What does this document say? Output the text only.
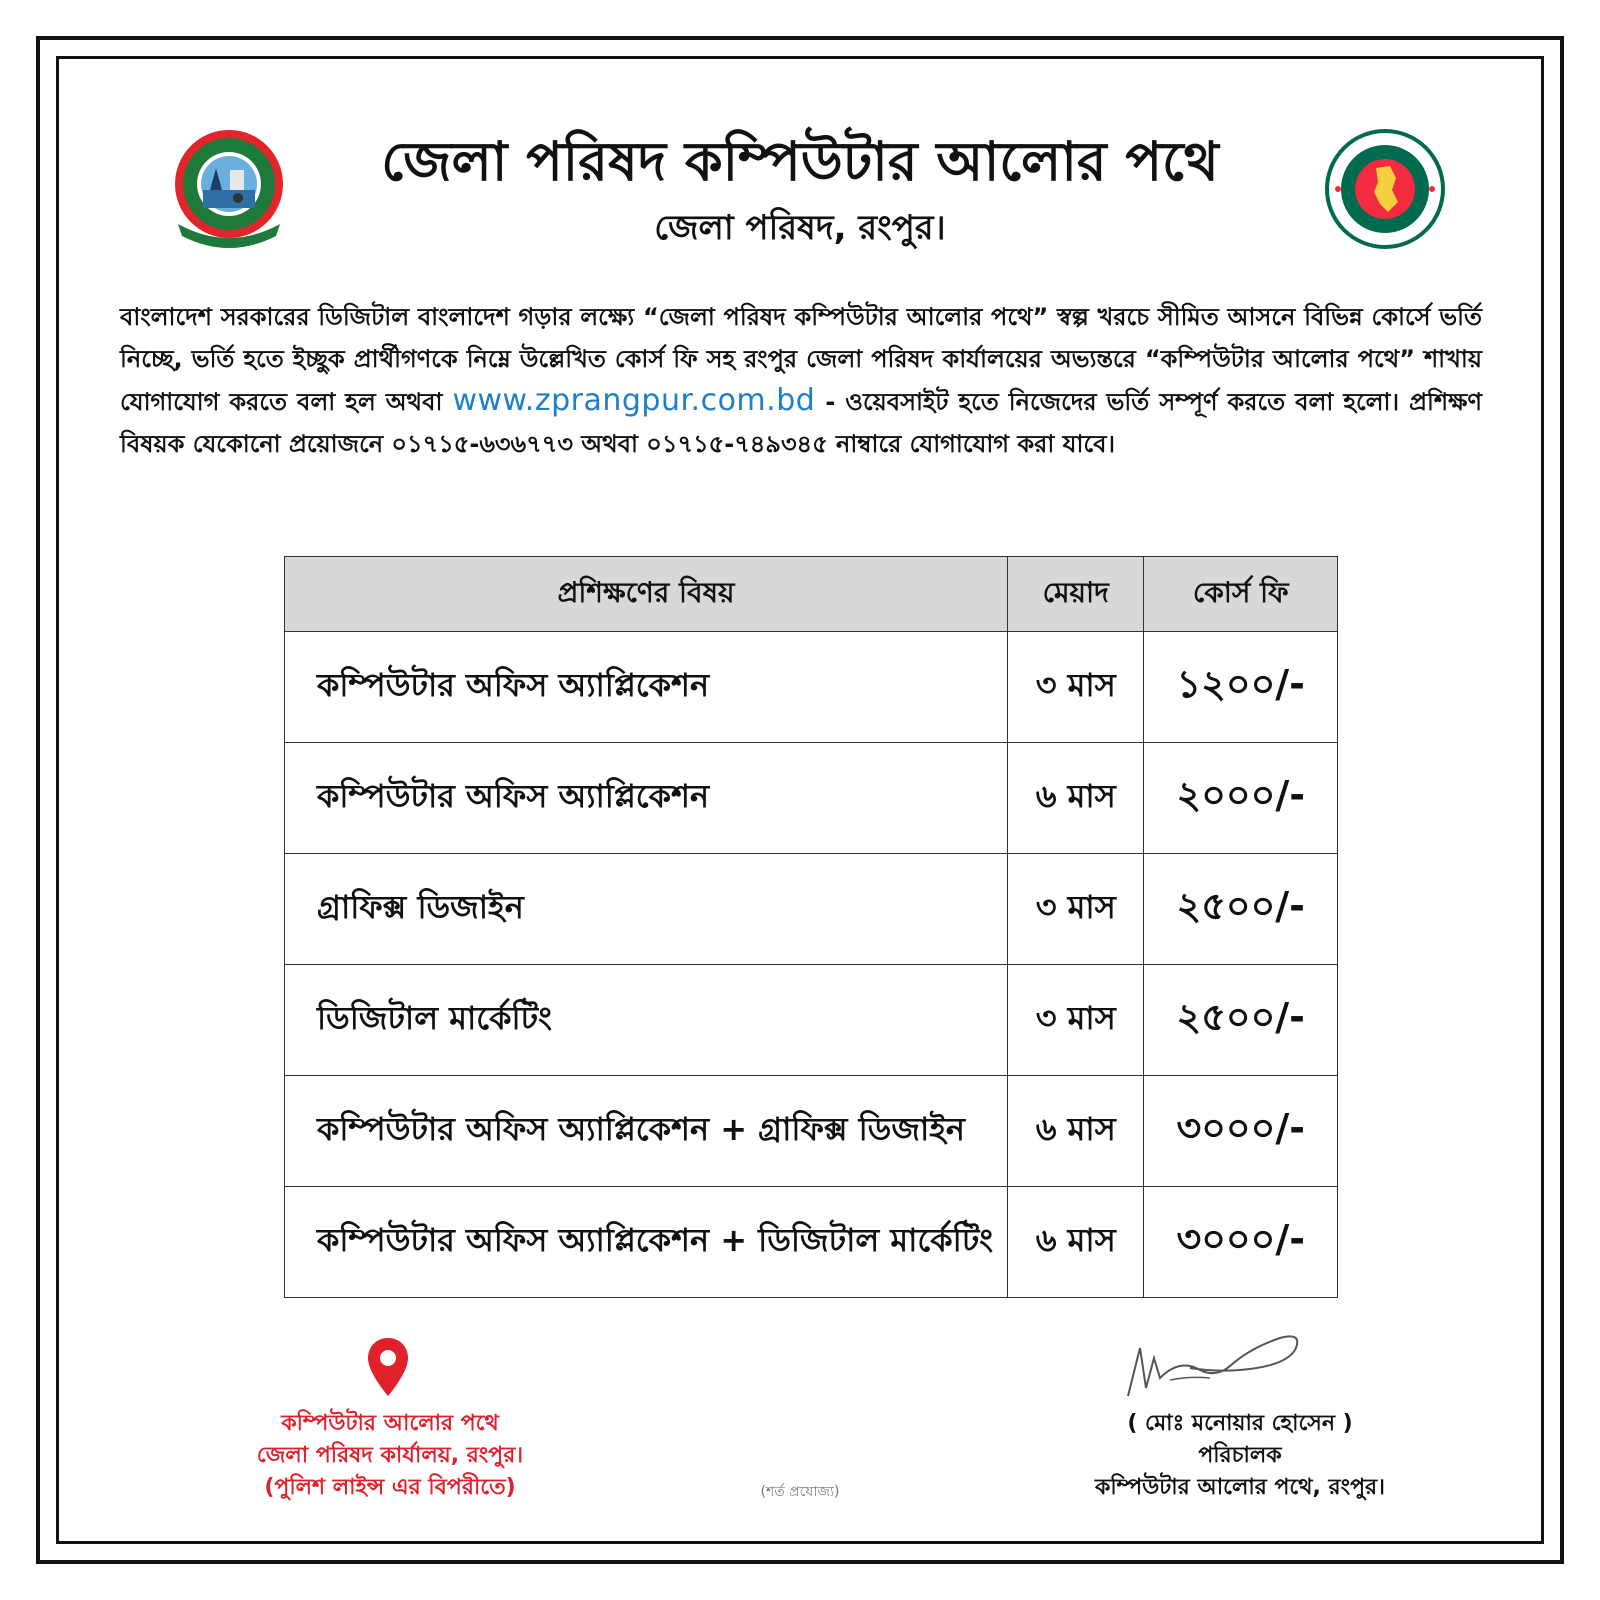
জেলা পরিষদ কম্পিউটার আলোর পথে
জেলা পরিষদ, রংপুর।
বাংলাদেশ সরকারের ডিজিটাল বাংলাদেশ গড়ার লক্ষ্যে “জেলা পরিষদ কম্পিউটার আলোর পথে” স্বল্প খরচে সীমিত আসনে বিভিন্ন কোর্সে ভর্তি নিচ্ছে, ভর্তি হতে ইচ্ছুক প্রার্থীগণকে নিম্নে উল্লেখিত কোর্স ফি সহ রংপুর জেলা পরিষদ কার্যালয়ের অভ্যন্তরে “কম্পিউটার আলোর পথে” শাখায় যোগাযোগ করতে বলা হল অথবা www.zprangpur.com.bd - ওয়েবসাইট হতে নিজেদের ভর্তি সম্পূর্ণ করতে বলা হলো। প্রশিক্ষণ বিষয়ক যেকোনো প্রয়োজনে ০১৭১৫-৬৩৬৭৭৩ অথবা ০১৭১৫-৭৪৯৩৪৫ নাম্বারে যোগাযোগ করা যাবে।
প্রশিক্ষণের বিষয়	মেয়াদ	কোর্স ফি
কম্পিউটার অফিস অ্যাপ্লিকেশন	৩ মাস	১২০০/-
কম্পিউটার অফিস অ্যাপ্লিকেশন	৬ মাস	২০০০/-
গ্রাফিক্স ডিজাইন	৩ মাস	২৫০০/-
ডিজিটাল মার্কেটিং	৩ মাস	২৫০০/-
কম্পিউটার অফিস অ্যাপ্লিকেশন + গ্রাফিক্স ডিজাইন	৬ মাস	৩০০০/-
কম্পিউটার অফিস অ্যাপ্লিকেশন + ডিজিটাল মার্কেটিং	৬ মাস	৩০০০/-
কম্পিউটার আলোর পথে
জেলা পরিষদ কার্যালয়, রংপুর।
(পুলিশ লাইন্স এর বিপরীতে)	(শর্ত প্রযোজ্য)
( মোঃ মনোয়ার হোসেন )
পরিচালক
কম্পিউটার আলোর পথে, রংপুর।
